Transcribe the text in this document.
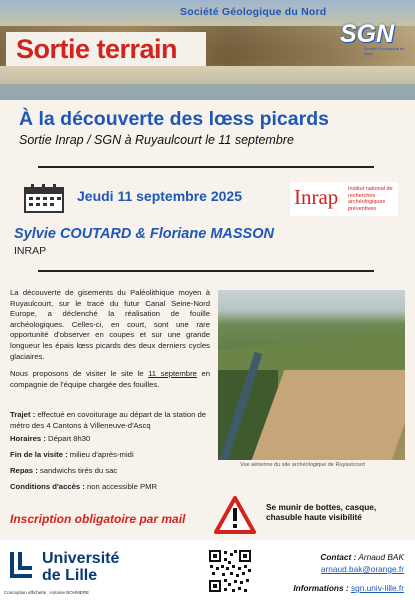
Société Géologique du Nord
Sortie terrain	SGN
Société Géologique du Nord
À la découverte des lœss picards
Sortie Inrap / SGN à Ruyaulcourt le 11 septembre
Jeudi 11 septembre 2025 Inrap Institut national de recherches archéologiques préventives
Sylvie COUTARD & Floriane MASSON
INRAP
La découverte de gisements du Paléolithique moyen à Ruyaulcourt, sur le tracé du futur Canal Seine-Nord Europe, a déclenché la réalisation de fouille archéologiques. Celles-ci, en court, sont une rare opportunité d'observer en coupes et sur une grande longueur les épais lœss picards des deux derniers cycles glaciaires.
Nous proposons de visiter le site le 11 septembre en compagnie de l'équipe chargée des fouilles.
Trajet : effectué en covoiturage au départ de la station de métro des 4 Cantons à Villeneuve-d'Ascq
Horaires : Départ 8h30
Fin de la visite : milieu d'après-midi
Repas : sandwichs tirés du sac
Conditions d'accès : non accessible PMR
Vue aérienne du site archéologique de Ruyaulcourt
Inscription obligatoire par mail
Se munir de bottes, casque, chasuble haute visibilité
Université
de Lille
Conception affichette : Antoine BOHMERE
Contact : Arnaud BAK
arnaud.bak@orange.fr
Informations : sgn.univ-lille.fr
